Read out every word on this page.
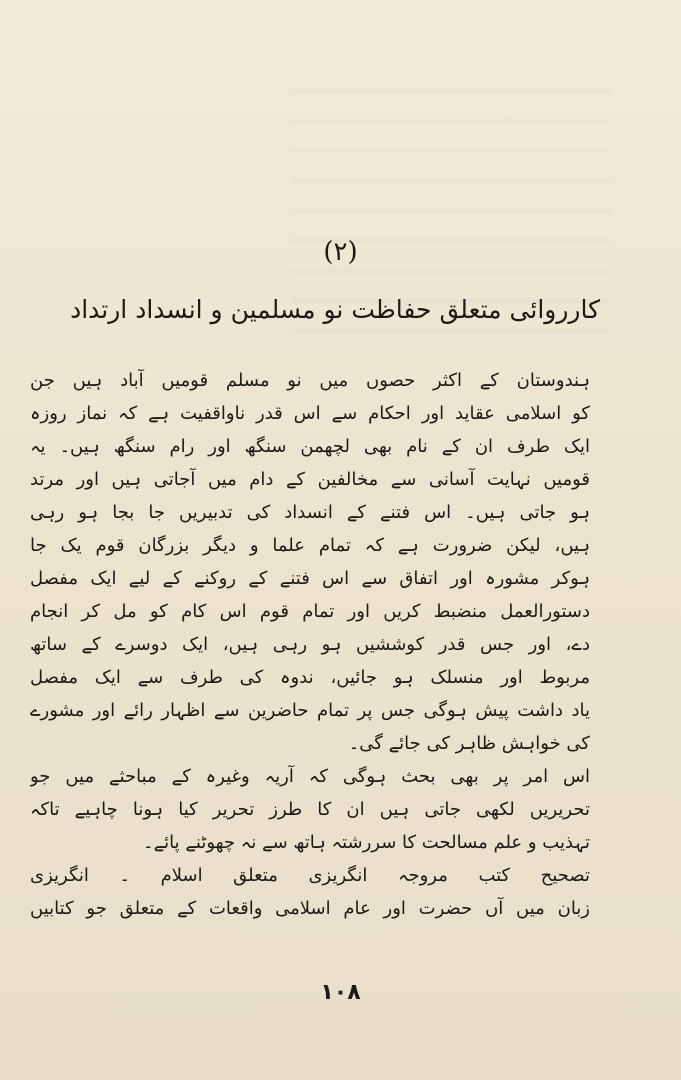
(۲)
کارروائی متعلق حفاظت نو مسلمین و انسداد ارتداد
ہندوستان کے اکثر حصوں میں نو مسلم قومیں آباد ہیں جن
کو اسلامی عقاید اور احکام سے اس قدر ناواقفیت ہے کہ نماز روزہ
ایک طرف ان کے نام بھی لچھمن سنگھ اور رام سنگھ ہیں۔ یہ
قومیں نہایت آسانی سے مخالفین کے دام میں آجاتی ہیں اور مرتد
ہو جاتی ہیں۔ اس فتنے کے انسداد کی تدبیریں جا بجا ہو رہی
ہیں، لیکن ضرورت ہے کہ تمام علما و دیگر بزرگان قوم یک جا
ہوکر مشورہ اور اتفاق سے اس فتنے کے روکنے کے لیے ایک مفصل
دستورالعمل منضبط کریں اور تمام قوم اس کام کو مل کر انجام
دے، اور جس قدر کوششیں ہو رہی ہیں، ایک دوسرے کے ساتھ
مربوط اور منسلک ہو جائیں، ندوہ کی طرف سے ایک مفصل
یاد داشت پیش ہوگی جس پر تمام حاضرین سے اظہار رائے اور مشورے
کی خواہش ظاہر کی جائے گی۔
اس امر پر بھی بحث ہوگی کہ آریہ وغیرہ کے مباحثے میں جو
تحریریں لکھی جاتی ہیں ان کا طرز تحریر کیا ہونا چاہیے تاکہ
تہذیب و علم مسالحت کا سررشتہ ہاتھ سے نہ چھوٹنے پائے۔
تصحیح کتب مروجہ انگریزی متعلق اسلام ۔ انگریزی
زبان میں آں حضرت اور عام اسلامی واقعات کے متعلق جو کتابیں
۱۰۸
